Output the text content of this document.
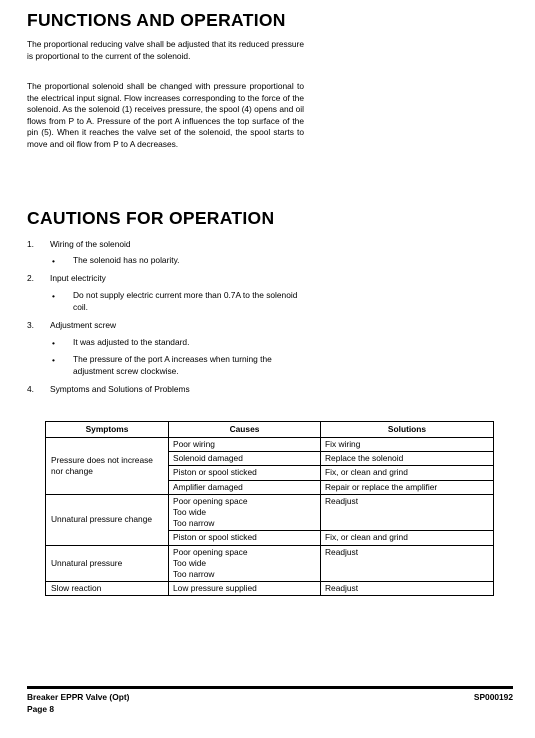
FUNCTIONS AND OPERATION

The proportional reducing valve shall be adjusted that its reduced pressure is proportional to the current of the solenoid.

The proportional solenoid shall be changed with pressure proportional to the electrical input signal. Flow increases corresponding to the force of the solenoid. As the solenoid (1) receives pressure, the spool (4) opens and oil flows from P to A. Pressure of the port A influences the top surface of the pin (5). When it reaches the valve set of the solenoid, the spool starts to move and oil flow from P to A decreases.

CAUTIONS FOR OPERATION
1. Wiring of the solenoid
• The solenoid has no polarity.

2. Input electricity
• Do not supply electric current more than 0.7A to the solenoid coil.

3. Adjustment screw
• It was adjusted to the standard.

• The pressure of the port A increases when turning the adjustment screw clockwise.

4. Symptoms and Solutions of Problems
Symptoms	Causes	Solutions
Pressure does not increase nor change	Poor wiring	Fix wiring
	Solenoid damaged	Replace the solenoid
	Piston or spool sticked	Fix, or clean and grind
	Amplifier damaged	Repair or replace the amplifier
Unnatural pressure change	Poor opening space
Too wide
Too narrow	Readjust
	Piston or spool sticked	Fix, or clean and grind
Unnatural pressure	Poor opening space
Too wide
Too narrow	Readjust
Slow reaction	Low pressure supplied	Readjust
Breaker EPPR Valve (Opt)
Page 8
SP000192
